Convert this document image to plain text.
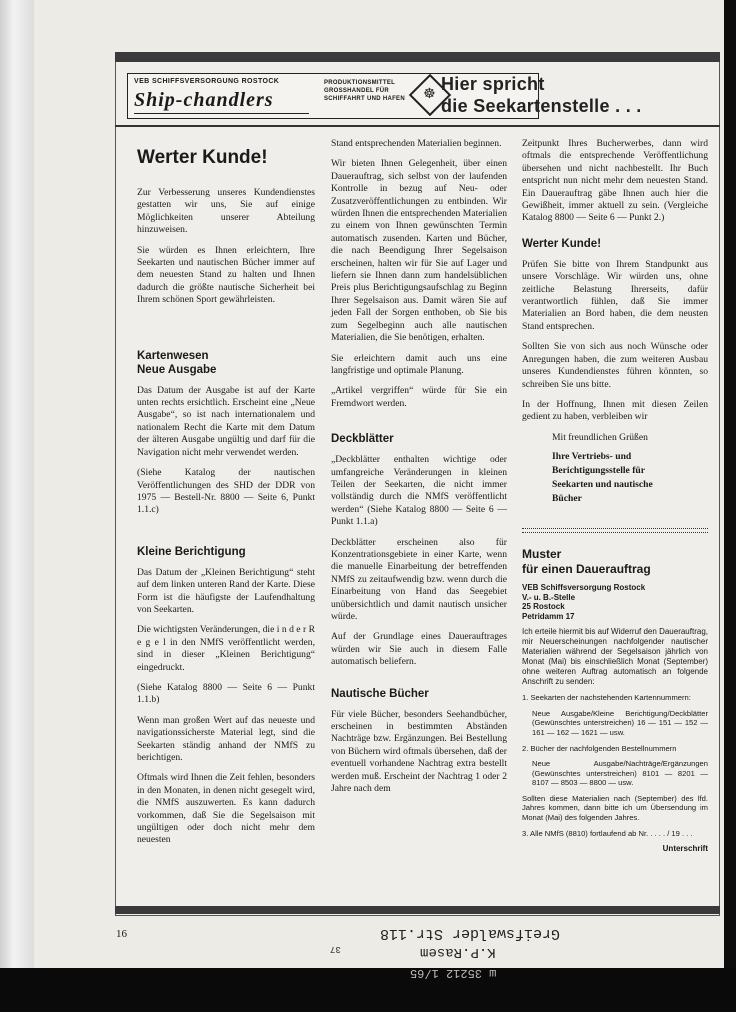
VEB SCHIFFSVERSORGUNG ROSTOCK
Ship-chandlers
PRODUKTIONSMITTEL
GROSSHANDEL FÜR
SCHIFFAHRT UND HAFEN	☸
Hier spricht
die Seekartenstelle . . .
Werter Kunde!

Zur Verbesserung unseres Kundendienstes gestatten wir uns, Sie auf einige Möglichkeiten unserer Abteilung hinzuweisen.

Sie würden es Ihnen erleichtern, Ihre Seekarten und nautischen Bücher immer auf dem neuesten Stand zu halten und Ihnen dadurch die größte nautische Sicherheit bei Ihrem schönen Sport gewährleisten.

Kartenwesen
Neue Ausgabe

Das Datum der Ausgabe ist auf der Karte unten rechts ersichtlich. Erscheint eine „Neue Ausgabe“, so ist nach internationalem und nationalem Recht die Karte mit dem Datum der älteren Ausgabe ungültig und darf für die Navigation nicht mehr verwendet werden.

(Siehe Katalog der nautischen Veröffentlichungen des SHD der DDR von 1975 — Bestell-Nr. 8800 — Seite 6, Punkt 1.1.c)

Kleine Berichtigung

Das Datum der „Kleinen Berichtigung“ steht auf dem linken unteren Rand der Karte. Diese Form ist die häufigste der Laufendhaltung von Seekarten.

Die wichtigsten Veränderungen, die i n d e r R e g e l in den NMfS veröffentlicht werden, sind in dieser „Kleinen Berichtigung“ eingedruckt.

(Siehe Katalog 8800 — Seite 6 — Punkt 1.1.b)

Wenn man großen Wert auf das neueste und navigationssicherste Material legt, sind die Seekarten ständig anhand der NMfS zu berichtigen.

Oftmals wird Ihnen die Zeit fehlen, besonders in den Monaten, in denen nicht gesegelt wird, die NMfS auszuwerten. Es kann dadurch vorkommen, daß Sie die Segelsaison mit ungültigen oder doch nicht mehr dem neuesten

Stand entsprechenden Materialien beginnen.

Wir bieten Ihnen Gelegenheit, über einen Dauerauftrag, sich selbst von der laufenden Kontrolle in bezug auf Neu- oder Zusatzveröffentlichungen zu entbinden. Wir würden Ihnen die entsprechenden Materialien zu einem von Ihnen gewünschten Termin automatisch zusenden. Karten und Bücher, die nach Beendigung Ihrer Segelsaison erscheinen, halten wir für Sie auf Lager und liefern sie Ihnen dann zum handelsüblichen Preis plus Berichtigungsaufschlag zu Beginn Ihrer Segelsaison aus. Damit wären Sie auf jeden Fall der Sorgen enthoben, ob Sie bis zum Segelbeginn auch alle nautischen Materialien, die Sie benötigen, erhalten.

Sie erleichtern damit auch uns eine langfristige und optimale Planung.

„Artikel vergriffen“ würde für Sie ein Fremdwort werden.

Deckblätter

„Deckblätter enthalten wichtige oder umfangreiche Veränderungen in kleinen Teilen der Seekarten, die nicht immer vollständig durch die NMfS veröffentlicht werden“ (Siehe Katalog 8800 — Seite 6 — Punkt 1.1.a)

Deckblätter erscheinen also für Konzentrationsgebiete in einer Karte, wenn die manuelle Einarbeitung der betreffenden NMfS zu zeitaufwendig bzw. wenn durch die Einarbeitung von Hand das Seegebiet unübersichtlich und damit nautisch unsicher würde.

Auf der Grundlage eines Dauerauftrages würden wir Sie auch in diesem Falle automatisch beliefern.

Nautische Bücher

Für viele Bücher, besonders Seehandbücher, erscheinen in bestimmten Abständen Nachträge bzw. Ergänzungen. Bei Bestellung von Büchern wird oftmals übersehen, daß der eventuell vorhandene Nachtrag extra bestellt werden muß. Erscheint der Nachtrag 1 oder 2 Jahre nach dem

Zeitpunkt Ihres Bucherwerbes, dann wird oftmals die entsprechende Veröffentlichung übersehen und nicht nachbestellt. Ihr Buch entspricht nun nicht mehr dem neuesten Stand. Ein Dauerauftrag gäbe Ihnen auch hier die Gewißheit, immer aktuell zu sein. (Vergleiche Katalog 8800 — Seite 6 — Punkt 2.)

Werter Kunde!

Prüfen Sie bitte von Ihrem Standpunkt aus unsere Vorschläge. Wir würden uns, ohne zeitliche Belastung Ihrerseits, dafür verantwortlich fühlen, daß Sie immer Materialien an Bord haben, die dem neusten Stand entsprechen.

Sollten Sie von sich aus noch Wünsche oder Anregungen haben, die zum weiteren Ausbau unseres Kundendienstes führen könnten, so schreiben Sie uns bitte.

In der Hoffnung, Ihnen mit diesen Zeilen gedient zu haben, verbleiben wir

Mit freundlichen Grüßen

Ihre Vertriebs- und
Berichtigungsstelle für
Seekarten und nautische
Bücher
Muster
für einen Dauerauftrag
VEB Schiffsversorgung Rostock
V.- u. B.-Stelle
25 Rostock
Petridamm 17

Ich erteile hiermit bis auf Widerruf den Dauerauftrag, mir Neuerscheinungen nachfolgender nautischer Materialien während der Segelsaison jährlich von Monat (Mai) bis einschließlich Monat (September) ohne weiteren Auftrag automatisch an folgende Anschrift zu senden:

1. Seekarten der nachstehenden Kartennummern:

Neue Ausgabe/Kleine Berichtigung/Deckblätter (Gewünschtes unterstreichen) 16 — 151 — 152 — 161 — 162 — 1621 — usw.

2. Bücher der nachfolgenden Bestellnummern

Neue Ausgabe/Nachträge/Ergänzungen (Gewünschtes unterstreichen) 8101 — 8201 — 8107 — 8503 — 8800 — usw.

Sollten diese Materialien nach (September) des lfd. Jahres kommen, dann bitte ich um Übersendung im Monat (Mai) des folgenden Jahres.

3. Alle NMfS (8810) fortlaufend ab Nr. . . . . / 19 . . .

Unterschrift
16	Greifswalder Str.118
37	K.P.Rasem
ш 35212 1/65
